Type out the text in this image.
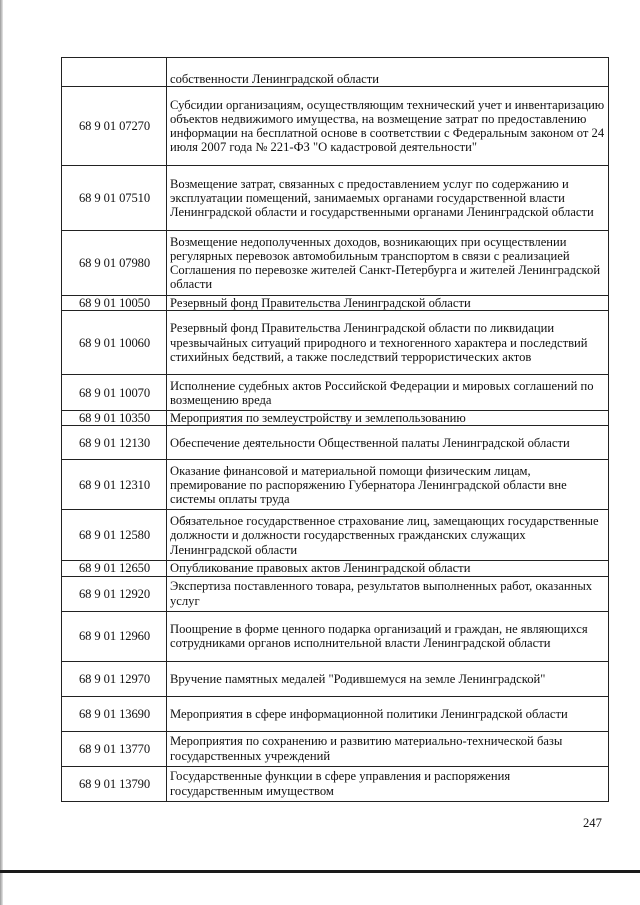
	собственности Ленинградской области
68 9 01 07270	Субсидии организациям, осуществляющим технический учет и инвентаризацию объектов недвижимого имущества, на возмещение затрат по предоставлению информации на бесплатной основе в соответствии с Федеральным законом от 24 июля 2007 года № 221-ФЗ "О кадастровой деятельности"
68 9 01 07510	Возмещение затрат, связанных с предоставлением услуг по содержанию и эксплуатации помещений, занимаемых органами государственной власти Ленинградской области и государственными органами Ленинградской области
68 9 01 07980	Возмещение недополученных доходов, возникающих при осуществлении регулярных перевозок автомобильным транспортом в связи с реализацией Соглашения по перевозке жителей Санкт-Петербурга и жителей Ленинградской области
68 9 01 10050	Резервный фонд Правительства Ленинградской области
68 9 01 10060	Резервный фонд Правительства Ленинградской области по ликвидации чрезвычайных ситуаций природного и техногенного характера и последствий стихийных бедствий, а также последствий террористических актов
68 9 01 10070	Исполнение судебных актов Российской Федерации и мировых соглашений по возмещению вреда
68 9 01 10350	Мероприятия по землеустройству и землепользованию
68 9 01 12130	Обеспечение деятельности Общественной палаты Ленинградской области
68 9 01 12310	Оказание финансовой и материальной помощи физическим лицам, премирование по распоряжению Губернатора Ленинградской области вне системы оплаты труда
68 9 01 12580	Обязательное государственное страхование лиц, замещающих государственные должности и должности государственных гражданских служащих Ленинградской области
68 9 01 12650	Опубликование правовых актов Ленинградской области
68 9 01 12920	Экспертиза поставленного товара, результатов выполненных работ, оказанных услуг
68 9 01 12960	Поощрение в форме ценного подарка организаций и граждан, не являющихся сотрудниками органов исполнительной власти Ленинградской области
68 9 01 12970	Вручение памятных медалей "Родившемуся на земле Ленинградской"
68 9 01 13690	Мероприятия в сфере информационной политики Ленинградской области
68 9 01 13770	Мероприятия по сохранению и развитию материально-технической базы государственных учреждений
68 9 01 13790	Государственные функции в сфере управления и распоряжения государственным имуществом
247
